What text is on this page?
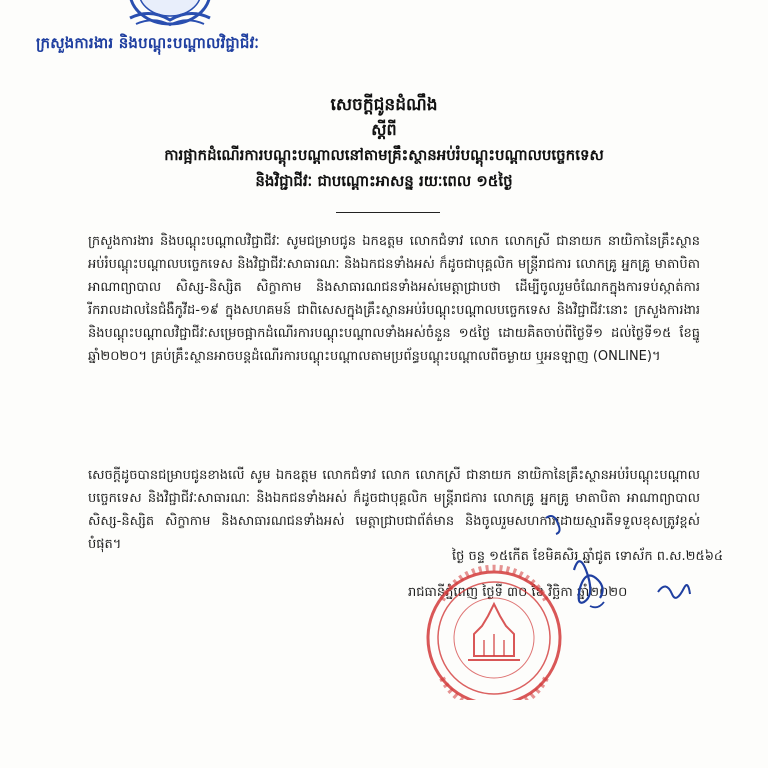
ក្រសួងការងារ និងបណ្តុះបណ្តាលវិជ្ជាជីវៈ
សេចក្តីជូនដំណឹង
ស្តីពី
ការផ្អាកដំណើរការបណ្តុះបណ្តាលនៅតាមគ្រឹះស្ថានអប់រំបណ្តុះបណ្តាលបច្ចេកទេស
និងវិជ្ជាជីវៈ ជាបណ្តោះអាសន្ន រយៈពេល ១៥ថ្ងៃ
ក្រសួងការងារ និងបណ្តុះបណ្តាលវិជ្ជាជីវៈ សូមជម្រាបជូន ឯកឧត្តម លោកជំទាវ លោក លោកស្រី ជានាយក នាយិកានៃគ្រឹះស្ថានអប់រំបណ្តុះបណ្តាលបច្ចេកទេស និងវិជ្ជាជីវៈសាធារណៈ និងឯកជនទាំងអស់ ក៏ដូចជាបុគ្គលិក មន្ត្រីរាជការ លោកគ្រូ អ្នកគ្រូ មាតាបិតា អាណាព្យាបាល សិស្ស-និស្សិត សិក្ខាកាម និងសាធារណជនទាំងអស់មេត្តាជ្រាបថា ដើម្បីចូលរួមចំណែកក្នុងការទប់ស្កាត់ការរីករាលដាលនៃជំងឺកូវីដ-១៩ ក្នុងសហគមន៍ ជាពិសេសក្នុងគ្រឹះស្ថានអប់រំបណ្តុះបណ្តាលបច្ចេកទេស និងវិជ្ជាជីវៈនោះ ក្រសួងការងារ និងបណ្តុះបណ្តាលវិជ្ជាជីវៈសម្រេចផ្អាកដំណើរការបណ្តុះបណ្តាលទាំងអស់ចំនួន ១៥ថ្ងៃ ដោយគិតចាប់ពីថ្ងៃទី១ ដល់ថ្ងៃទី១៥ ខែធ្នូ ឆ្នាំ២០២០។ គ្រប់គ្រឹះស្ថានអាចបន្តដំណើរការបណ្តុះបណ្តាលតាមប្រព័ន្ធបណ្តុះបណ្តាលពីចម្ងាយ ឬអនឡាញ (ONLINE)។
សេចក្តីដូចបានជម្រាបជូនខាងលើ សូម ឯកឧត្តម លោកជំទាវ លោក លោកស្រី ជានាយក នាយិកានៃគ្រឹះស្ថានអប់រំបណ្តុះបណ្តាលបច្ចេកទេស និងវិជ្ជាជីវៈសាធារណៈ និងឯកជនទាំងអស់ ក៏ដូចជាបុគ្គលិក មន្ត្រីរាជការ លោកគ្រូ អ្នកគ្រូ មាតាបិតា អាណាព្យាបាល សិស្ស-និស្សិត សិក្ខាកាម និងសាធារណជនទាំងអស់ មេត្តាជ្រាបជាព័ត៌មាន និងចូលរួមសហការដោយស្មារតីទទួលខុសត្រូវខ្ពស់បំផុត។
ថ្ងៃ ចន្ទ ១៥កើត ខែមិគសិរ ឆ្នាំជូត ទោស័ក ព.ស.២៥៦៤
រាជធានីភ្នំពេញ ថ្ងៃទី ៣០ ខែ វិច្ឆិកា ឆ្នាំ២០២០
